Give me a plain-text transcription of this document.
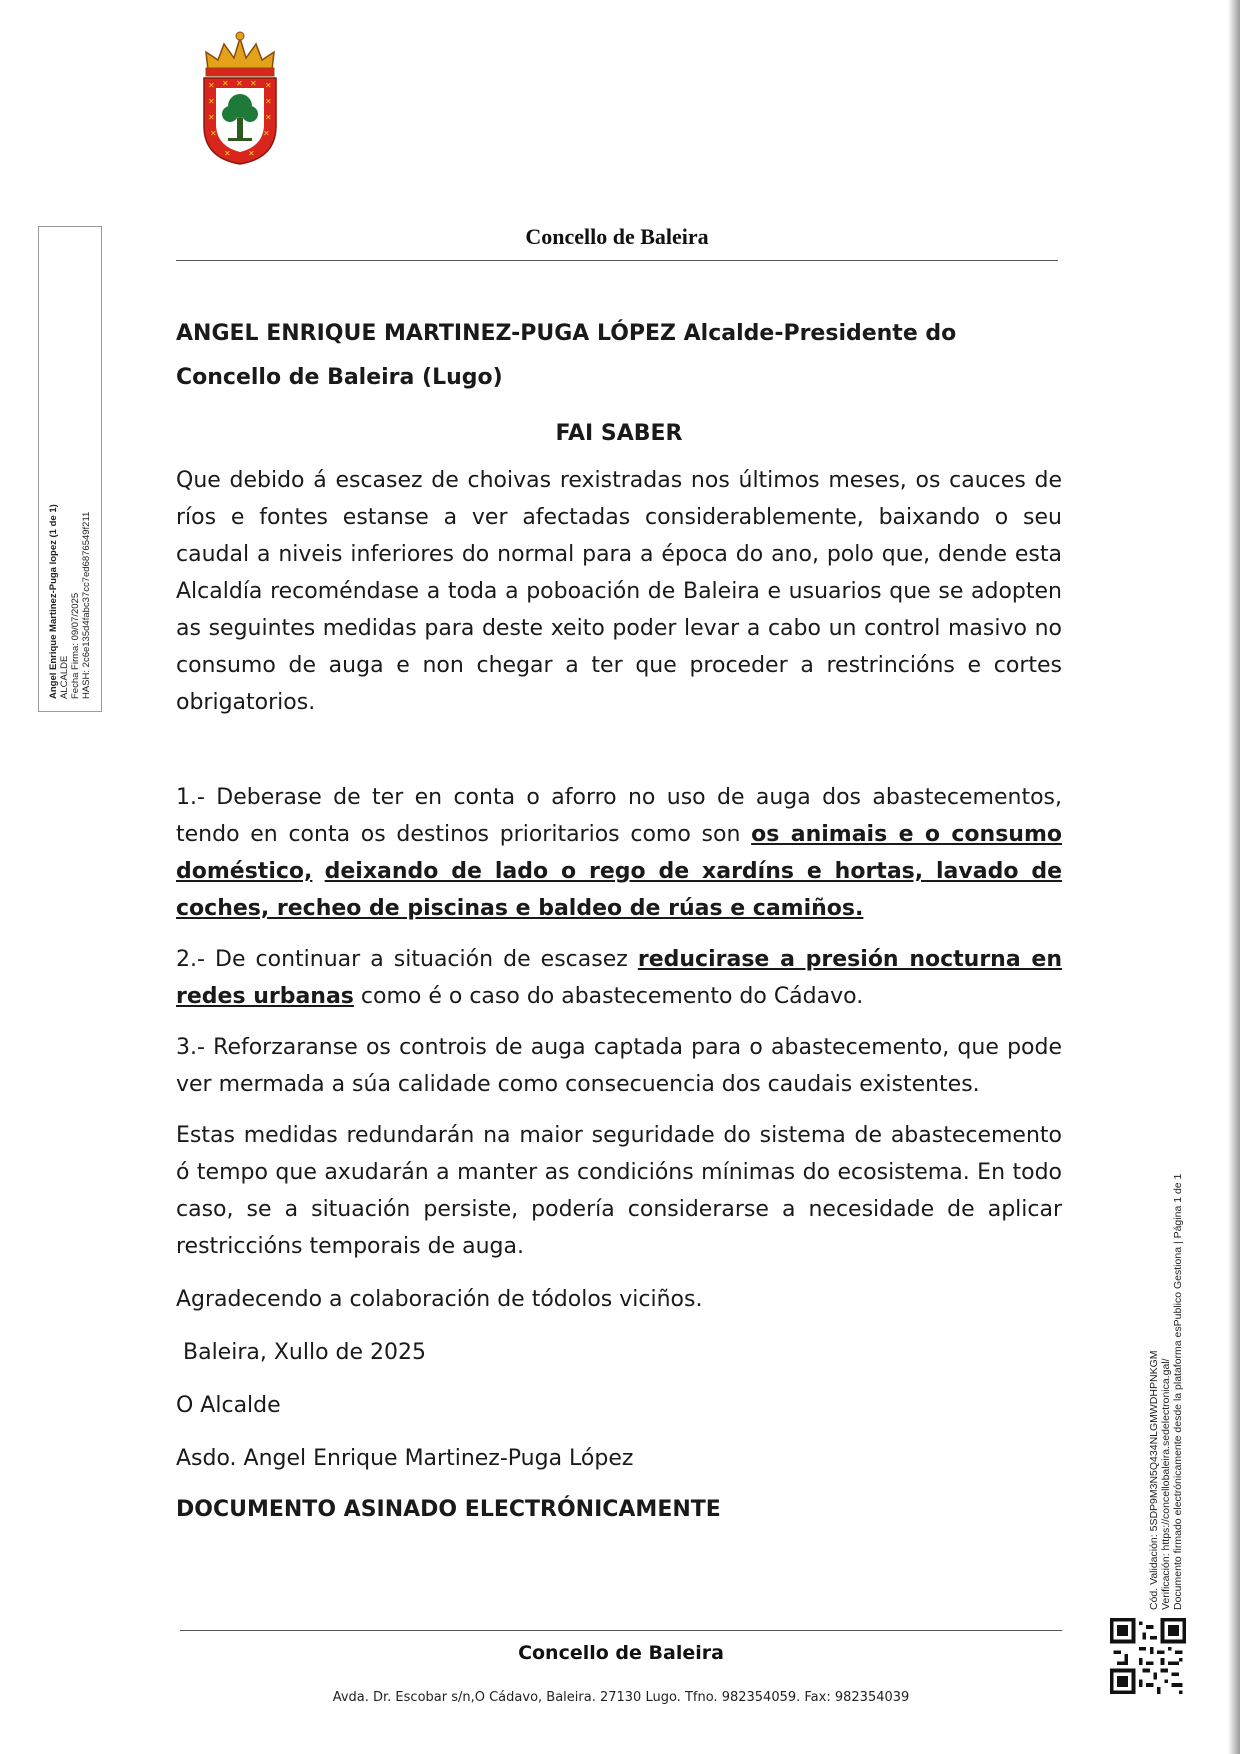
✕
✕
✕
✕
✕
✕
✕
✕
✕ ✕ ✕
✕ ✕
Angel Enrique Martinez-Puga lopez (1 de 1) ALCALDE Fecha Firma: 09/07/2025 HASH: 2c6e135d4fabc37cc7ed6876549f211
Concello de Baleira

ANGEL ENRIQUE MARTINEZ-PUGA LÓPEZ Alcalde-Presidente do Concello de Baleira (Lugo)

FAI SABER

Que debido á escasez de choivas rexistradas nos últimos meses, os cauces de ríos e fontes estanse a ver afectadas considerablemente, baixando o seu caudal a niveis inferiores do normal para a época do ano, polo que, dende esta Alcaldía recoméndase a toda a poboación de Baleira e usuarios que se adopten as seguintes medidas para deste xeito poder levar a cabo un control masivo no consumo de auga e non chegar a ter que proceder a restrincións e cortes obrigatorios.

1.- Deberase de ter en conta o aforro no uso de auga dos abastecementos, tendo en conta os destinos prioritarios como son os animais e o consumo doméstico, deixando de lado o rego de xardíns e hortas, lavado de coches, recheo de piscinas e baldeo de rúas e camiños.

2.- De continuar a situación de escasez reducirase a presión nocturna en redes urbanas como é o caso do abastecemento do Cádavo.

3.- Reforzaranse os controis de auga captada para o abastecemento, que pode ver mermada a súa calidade como consecuencia dos caudais existentes.

Estas medidas redundarán na maior seguridade do sistema de abastecemento ó tempo que axudarán a manter as condicións mínimas do ecosistema. En todo caso, se a situación persiste, podería considerarse a necesidade de aplicar restriccións temporais de auga.

Agradecendo a colaboración de tódolos viciños.

Baleira, Xullo de 2025

O Alcalde

Asdo. Angel Enrique Martinez-Puga López

DOCUMENTO ASINADO ELECTRÓNICAMENTE

Concello de Baleira
Avda. Dr. Escobar s/n,O Cádavo, Baleira. 27130 Lugo. Tfno. 982354059. Fax: 982354039
Cód. Validación: 5SDP9M3N5Q434NLGMWDHPNKGM Verificación: https://concellobaleira.sedelectronica.gal/ Documento firmado electrónicamente desde la plataforma esPublico Gestiona | Página 1 de 1
